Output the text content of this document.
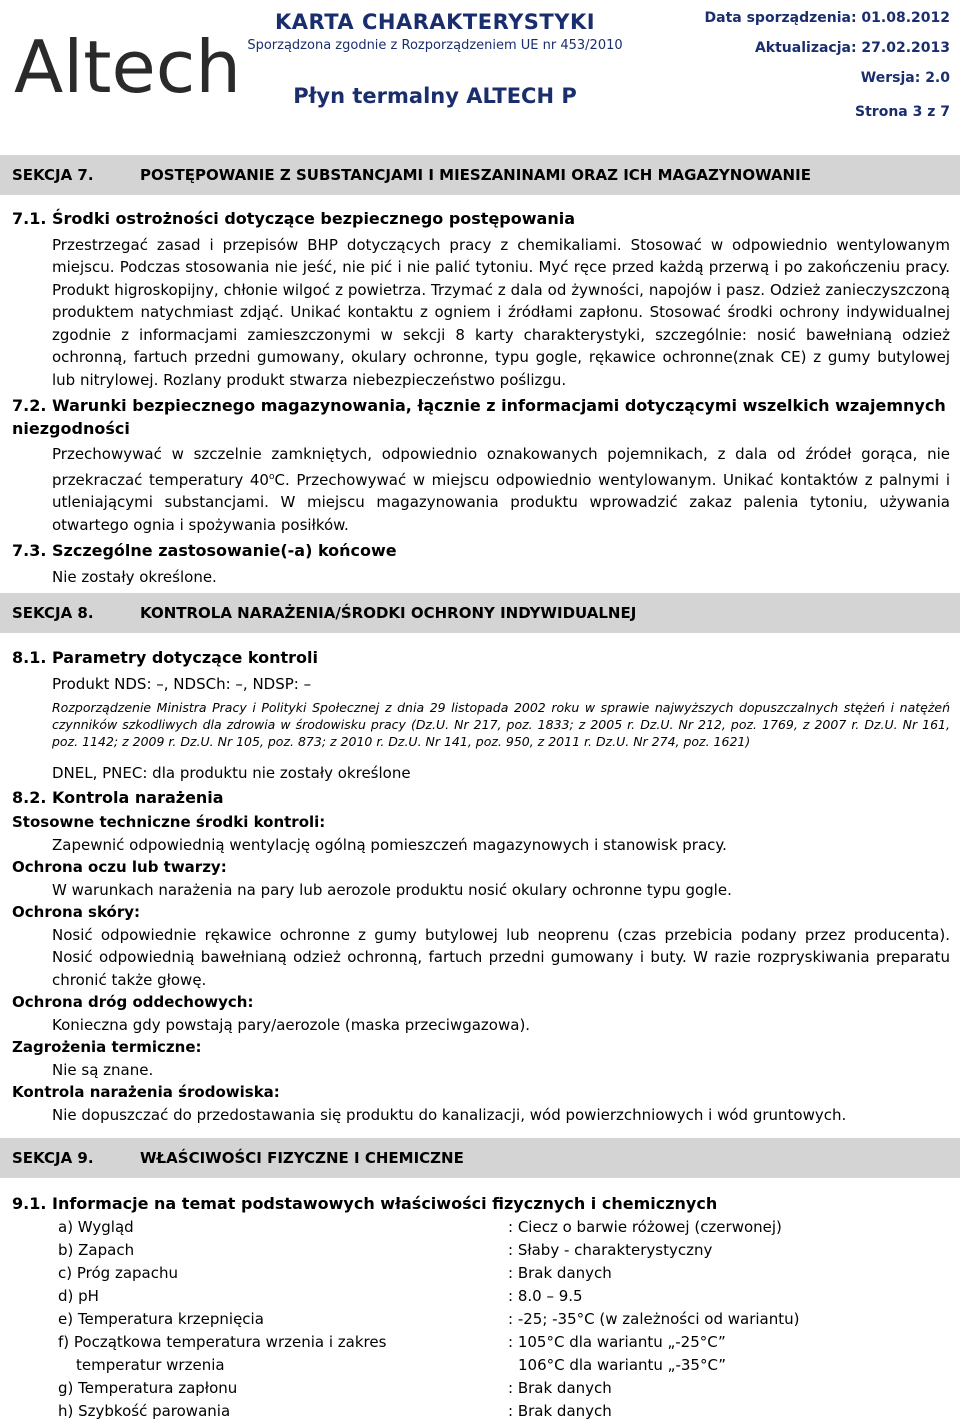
Altech
KARTA CHARAKTERYSTYKI
Sporządzona zgodnie z Rozporządzeniem UE nr 453/2010
Płyn termalny ALTECH P
Data sporządzenia: 01.08.2012
Aktualizacja: 27.02.2013
Wersja: 2.0
Strona 3 z 7
SEKCJA 7.	POSTĘPOWANIE Z SUBSTANCJAMI I MIESZANINAMI ORAZ ICH MAGAZYNOWANIE
7.1. Środki ostrożności dotyczące bezpiecznego postępowania
Przestrzegać zasad i przepisów BHP dotyczących pracy z chemikaliami. Stosować w odpowiednio wentylowanym miejscu. Podczas stosowania nie jeść, nie pić i nie palić tytoniu. Myć ręce przed każdą przerwą i po zakończeniu pracy. Produkt higroskopijny, chłonie wilgoć z powietrza. Trzymać z dala od żywności, napojów i pasz. Odzież zanieczyszczoną produktem natychmiast zdjąć. Unikać kontaktu z ogniem i źródłami zapłonu. Stosować środki ochrony indywidualnej zgodnie z informacjami zamieszczonymi w sekcji 8 karty charakterystyki, szczególnie: nosić bawełnianą odzież ochronną, fartuch przedni gumowany, okulary ochronne, typu gogle, rękawice ochronne(znak CE) z gumy butylowej lub nitrylowej. Rozlany produkt stwarza niebezpieczeństwo poślizgu.
7.2. Warunki bezpiecznego magazynowania, łącznie z informacjami dotyczącymi wszelkich wzajemnych niezgodności
Przechowywać w szczelnie zamkniętych, odpowiednio oznakowanych pojemnikach, z dala od źródeł gorąca, nie przekraczać temperatury 40$^o$C. Przechowywać w miejscu odpowiednio wentylowanym. Unikać kontaktów z palnymi i utleniającymi substancjami. W miejscu magazynowania produktu wprowadzić zakaz palenia tytoniu, używania otwartego ognia i spożywania posiłków.
7.3. Szczególne zastosowanie(-a) końcowe
Nie zostały określone.
SEKCJA 8.	KONTROLA NARAŻENIA/ŚRODKI OCHRONY INDYWIDUALNEJ
8.1. Parametry dotyczące kontroli
Produkt NDS: –, NDSCh: –, NDSP: –
Rozporządzenie Ministra Pracy i Polityki Społecznej z dnia 29 listopada 2002 roku w sprawie najwyższych dopuszczalnych stężeń i natężeń czynników szkodliwych dla zdrowia w środowisku pracy (Dz.U. Nr 217, poz. 1833; z 2005 r. Dz.U. Nr 212, poz. 1769, z 2007 r. Dz.U. Nr 161, poz. 1142; z 2009 r. Dz.U. Nr 105, poz. 873; z 2010 r. Dz.U. Nr 141, poz. 950, z 2011 r. Dz.U. Nr 274, poz. 1621)
DNEL, PNEC: dla produktu nie zostały określone
8.2. Kontrola narażenia
Stosowne techniczne środki kontroli:
Zapewnić odpowiednią wentylację ogólną pomieszczeń magazynowych i stanowisk pracy.
Ochrona oczu lub twarzy:
W warunkach narażenia na pary lub aerozole produktu nosić okulary ochronne typu gogle.
Ochrona skóry:
Nosić odpowiednie rękawice ochronne z gumy butylowej lub neoprenu (czas przebicia podany przez producenta). Nosić odpowiednią bawełnianą odzież ochronną, fartuch przedni gumowany i buty. W razie rozpryskiwania preparatu chronić także głowę.
Ochrona dróg oddechowych:
Konieczna gdy powstają pary/aerozole (maska przeciwgazowa).
Zagrożenia termiczne:
Nie są znane.
Kontrola narażenia środowiska:
Nie dopuszczać do przedostawania się produktu do kanalizacji, wód powierzchniowych i wód gruntowych.
SEKCJA 9.	WŁAŚCIWOŚCI FIZYCZNE I CHEMICZNE
9.1. Informacje na temat podstawowych właściwości fizycznych i chemicznych
a) Wygląd	: Ciecz o barwie różowej (czerwonej)
b) Zapach	: Słaby - charakterystyczny
c) Próg zapachu	: Brak danych
d) pH	: 8.0 – 9.5
e) Temperatura krzepnięcia	: -25; -35°C (w zależności od wariantu)
f) Początkowa temperatura wrzenia i zakres	: 105°C dla wariantu „-25°C”
temperatur wrzenia	106°C dla wariantu „-35°C”
g) Temperatura zapłonu	: Brak danych
h) Szybkość parowania	: Brak danych
